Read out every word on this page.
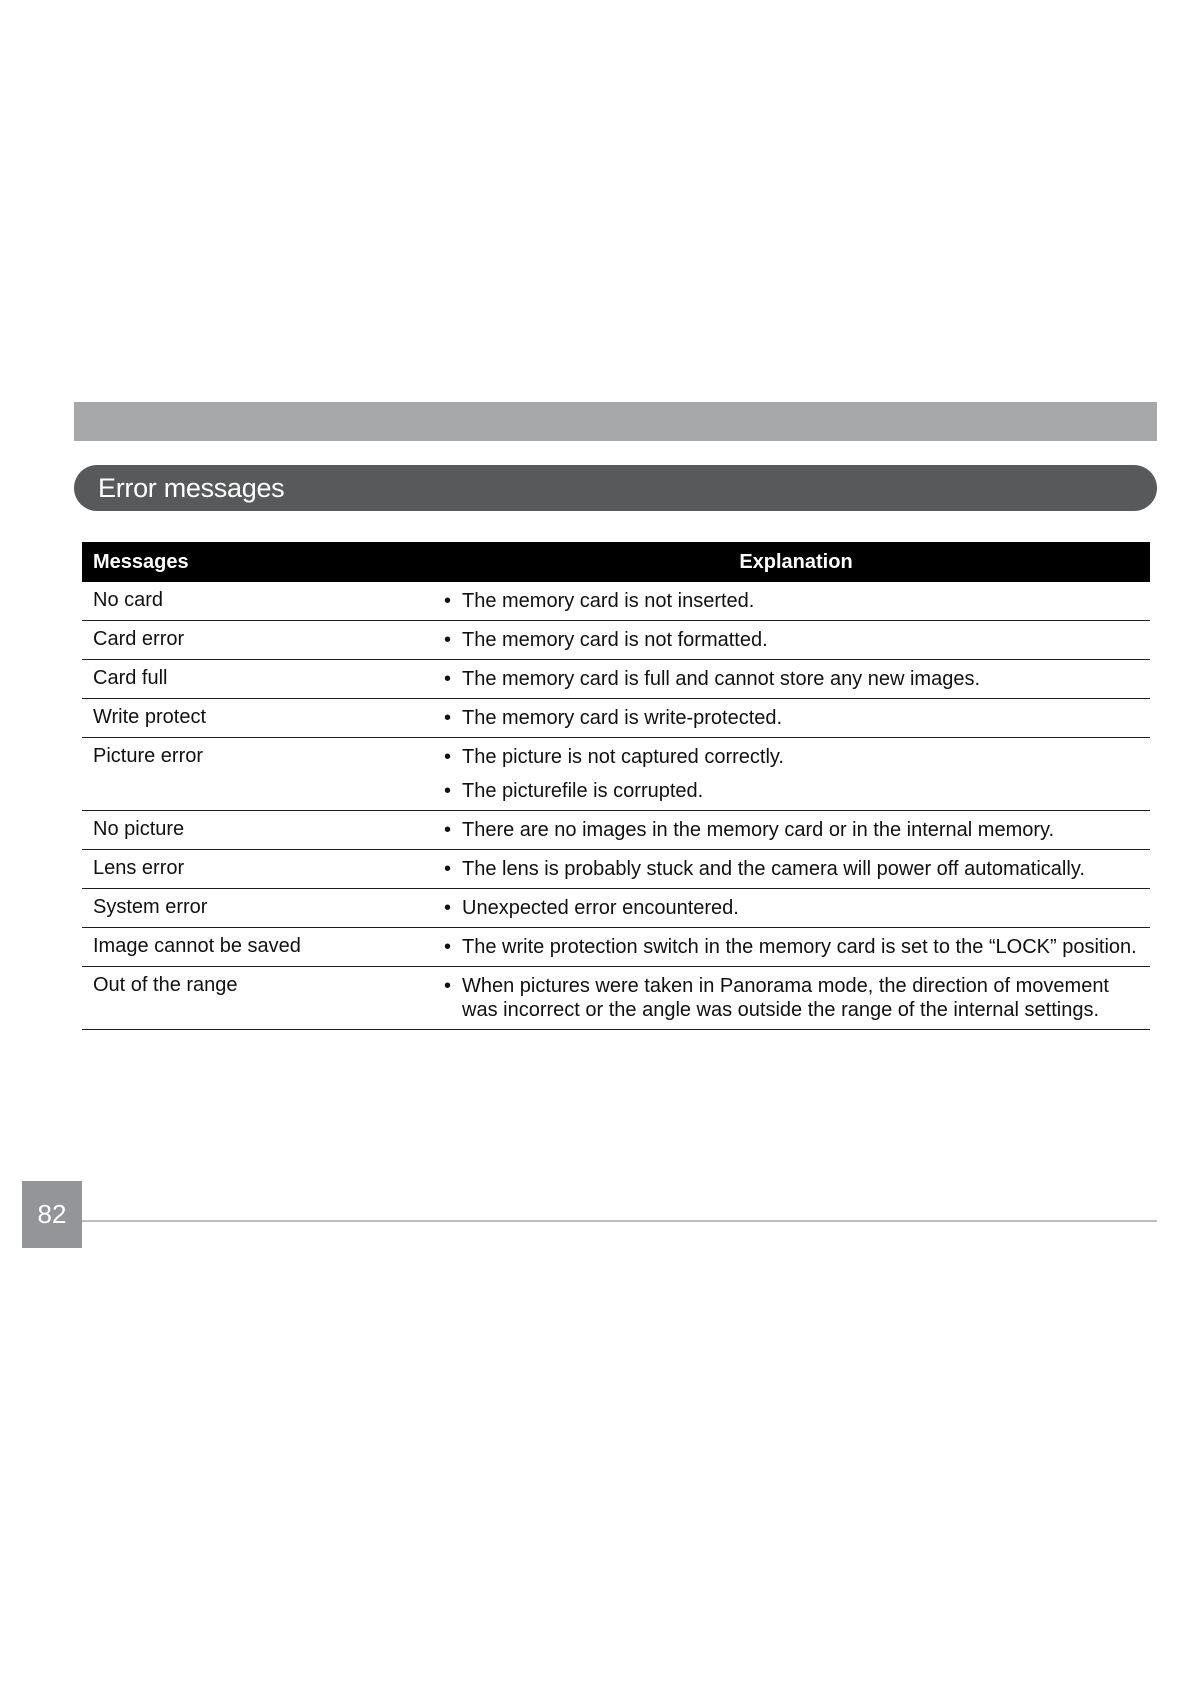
Error messages
Messages	Explanation
No card	• The memory card is not inserted.
Card error	• The memory card is not formatted.
Card full	• The memory card is full and cannot store any new images.
Write protect	• The memory card is write-protected.
Picture error	• The picture is not captured correctly.
• The picturefile is corrupted.
No picture	• There are no images in the memory card or in the internal memory.
Lens error	• The lens is probably stuck and the camera will power off automatically.
System error	• Unexpected error encountered.
Image cannot be saved	• The write protection switch in the memory card is set to the “LOCK” position.
Out of the range	• When pictures were taken in Panorama mode, the direction of movement was incorrect or the angle was outside the range of the internal settings.
82
